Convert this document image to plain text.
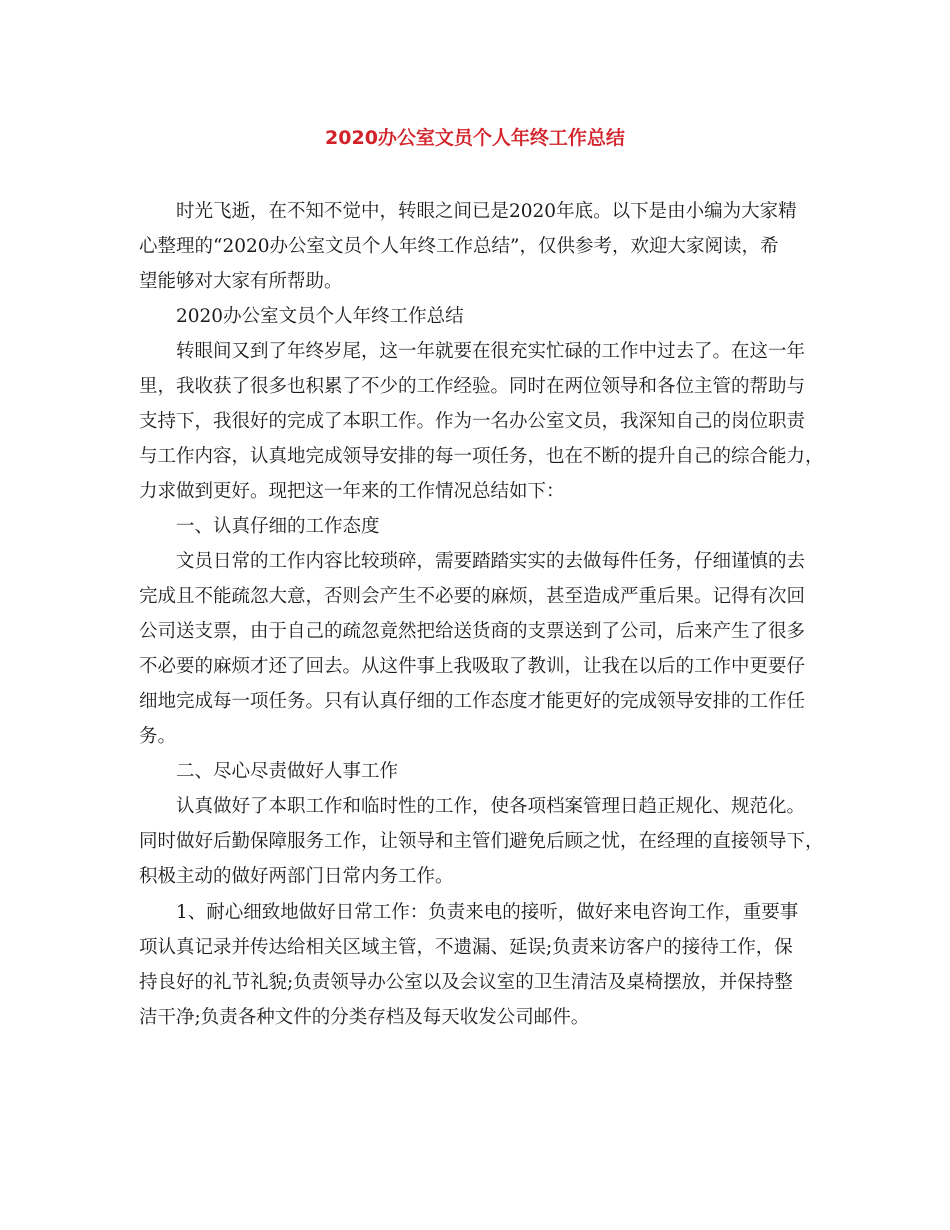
2020办公室文员个人年终工作总结
时光飞逝，在不知不觉中，转眼之间已是2020年底。以下是由小编为大家精
心整理的“2020办公室文员个人年终工作总结”，仅供参考，欢迎大家阅读，希
望能够对大家有所帮助。
2020办公室文员个人年终工作总结
转眼间又到了年终岁尾，这一年就要在很充实忙碌的工作中过去了。在这一年
里，我收获了很多也积累了不少的工作经验。同时在两位领导和各位主管的帮助与
支持下，我很好的完成了本职工作。作为一名办公室文员，我深知自己的岗位职责
与工作内容，认真地完成领导安排的每一项任务，也在不断的提升自己的综合能力，
力求做到更好。现把这一年来的工作情况总结如下：
一、认真仔细的工作态度
文员日常的工作内容比较琐碎，需要踏踏实实的去做每件任务，仔细谨慎的去
完成且不能疏忽大意，否则会产生不必要的麻烦，甚至造成严重后果。记得有次回
公司送支票，由于自己的疏忽竟然把给送货商的支票送到了公司，后来产生了很多
不必要的麻烦才还了回去。从这件事上我吸取了教训，让我在以后的工作中更要仔
细地完成每一项任务。只有认真仔细的工作态度才能更好的完成领导安排的工作任
务。
二、尽心尽责做好人事工作
认真做好了本职工作和临时性的工作，使各项档案管理日趋正规化、规范化。
同时做好后勤保障服务工作，让领导和主管们避免后顾之忧，在经理的直接领导下，
积极主动的做好两部门日常内务工作。
1、耐心细致地做好日常工作：负责来电的接听，做好来电咨询工作，重要事
项认真记录并传达给相关区域主管，不遗漏、延误;负责来访客户的接待工作，保
持良好的礼节礼貌;负责领导办公室以及会议室的卫生清洁及桌椅摆放，并保持整
洁干净;负责各种文件的分类存档及每天收发公司邮件。
